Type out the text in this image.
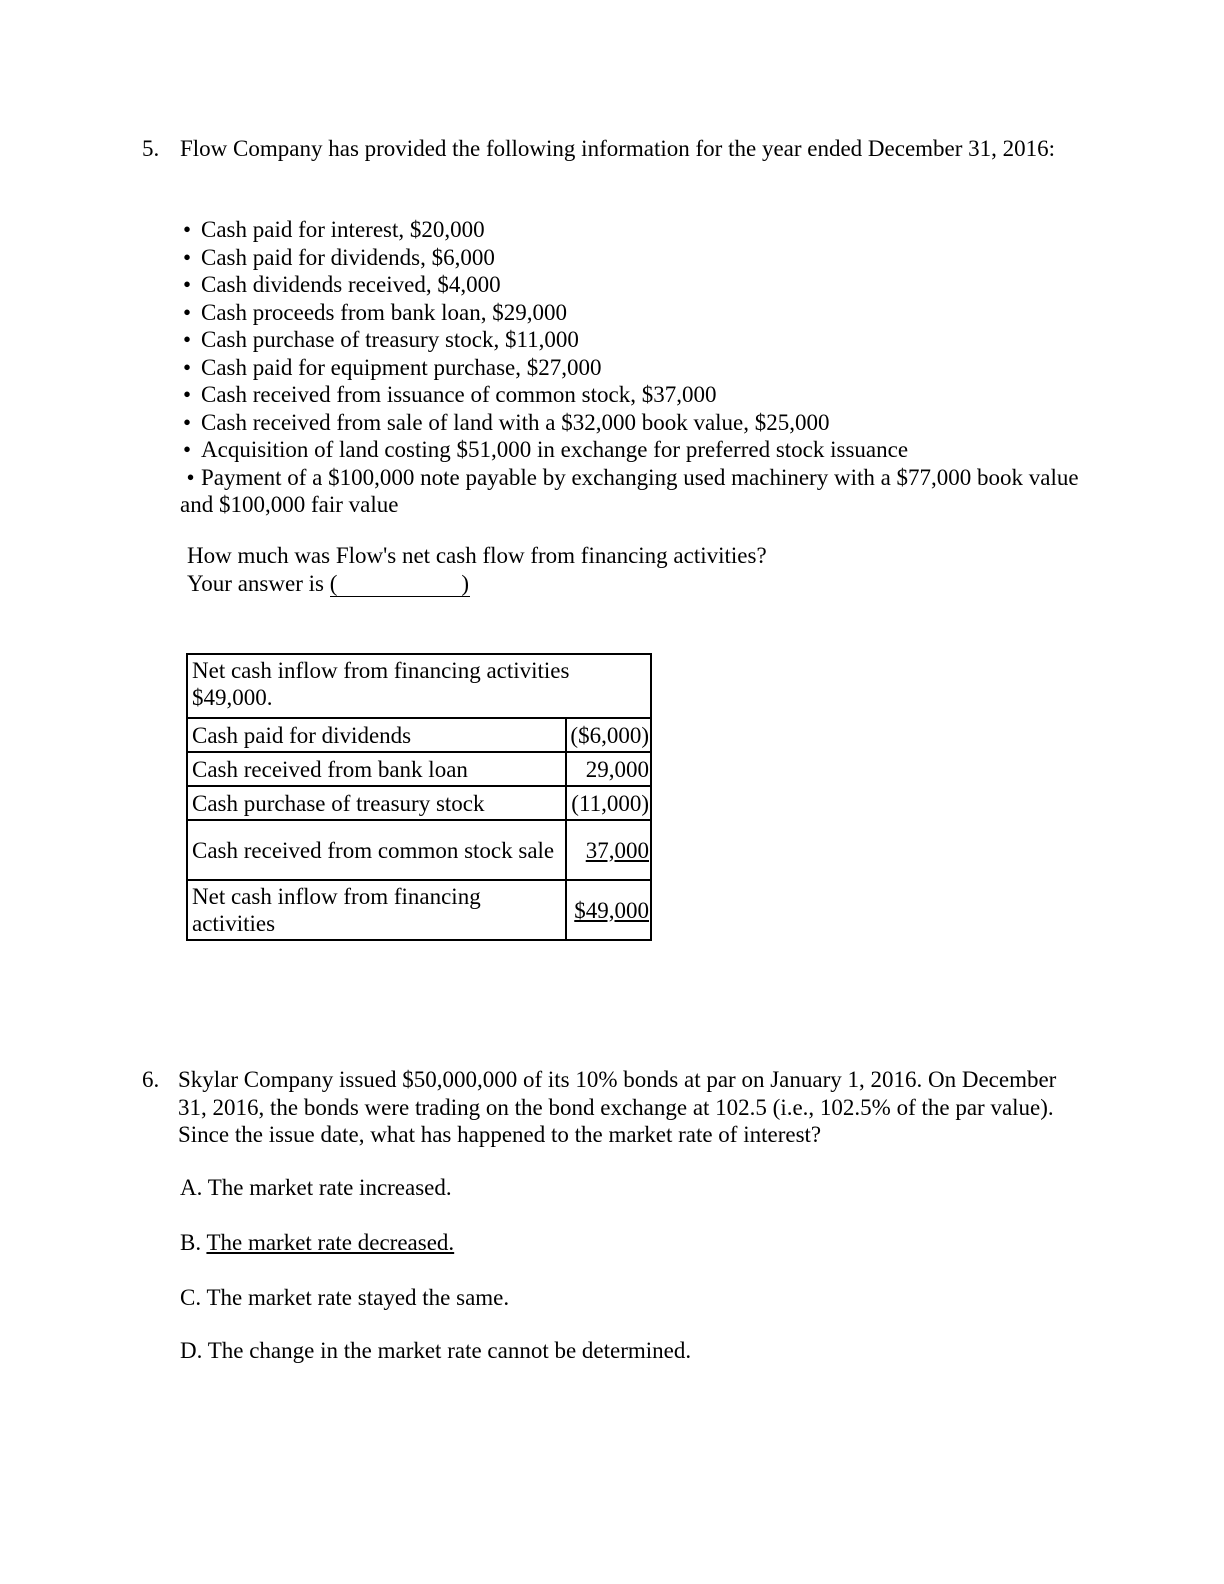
5. Flow Company has provided the following information for the year ended December 31, 2016:
• Cash paid for interest, $20,000
• Cash paid for dividends, $6,000
• Cash dividends received, $4,000
• Cash proceeds from bank loan, $29,000
• Cash purchase of treasury stock, $11,000
• Cash paid for equipment purchase, $27,000
• Cash received from issuance of common stock, $37,000
• Cash received from sale of land with a $32,000 book value, $25,000
• Acquisition of land costing $51,000 in exchange for preferred stock issuance
• Payment of a $100,000 note payable by exchanging used machinery with a $77,000 book value and $100,000 fair value
How much was Flow's net cash flow from financing activities?
Your answer is (	)
Net cash inflow from financing activities $49,000.	
Cash paid for dividends	($6,000)
Cash received from bank loan	29,000
Cash purchase of treasury stock	(11,000)
Cash received from common stock sale	37,000
Net cash inflow from financing activities	$49,000
6. Skylar Company issued $50,000,000 of its 10% bonds at par on January 1, 2016. On December 31, 2016, the bonds were trading on the bond exchange at 102.5 (i.e., 102.5% of the par value). Since the issue date, what has happened to the market rate of interest?
A. The market rate increased.
B. The market rate decreased.
C. The market rate stayed the same.
D. The change in the market rate cannot be determined.
